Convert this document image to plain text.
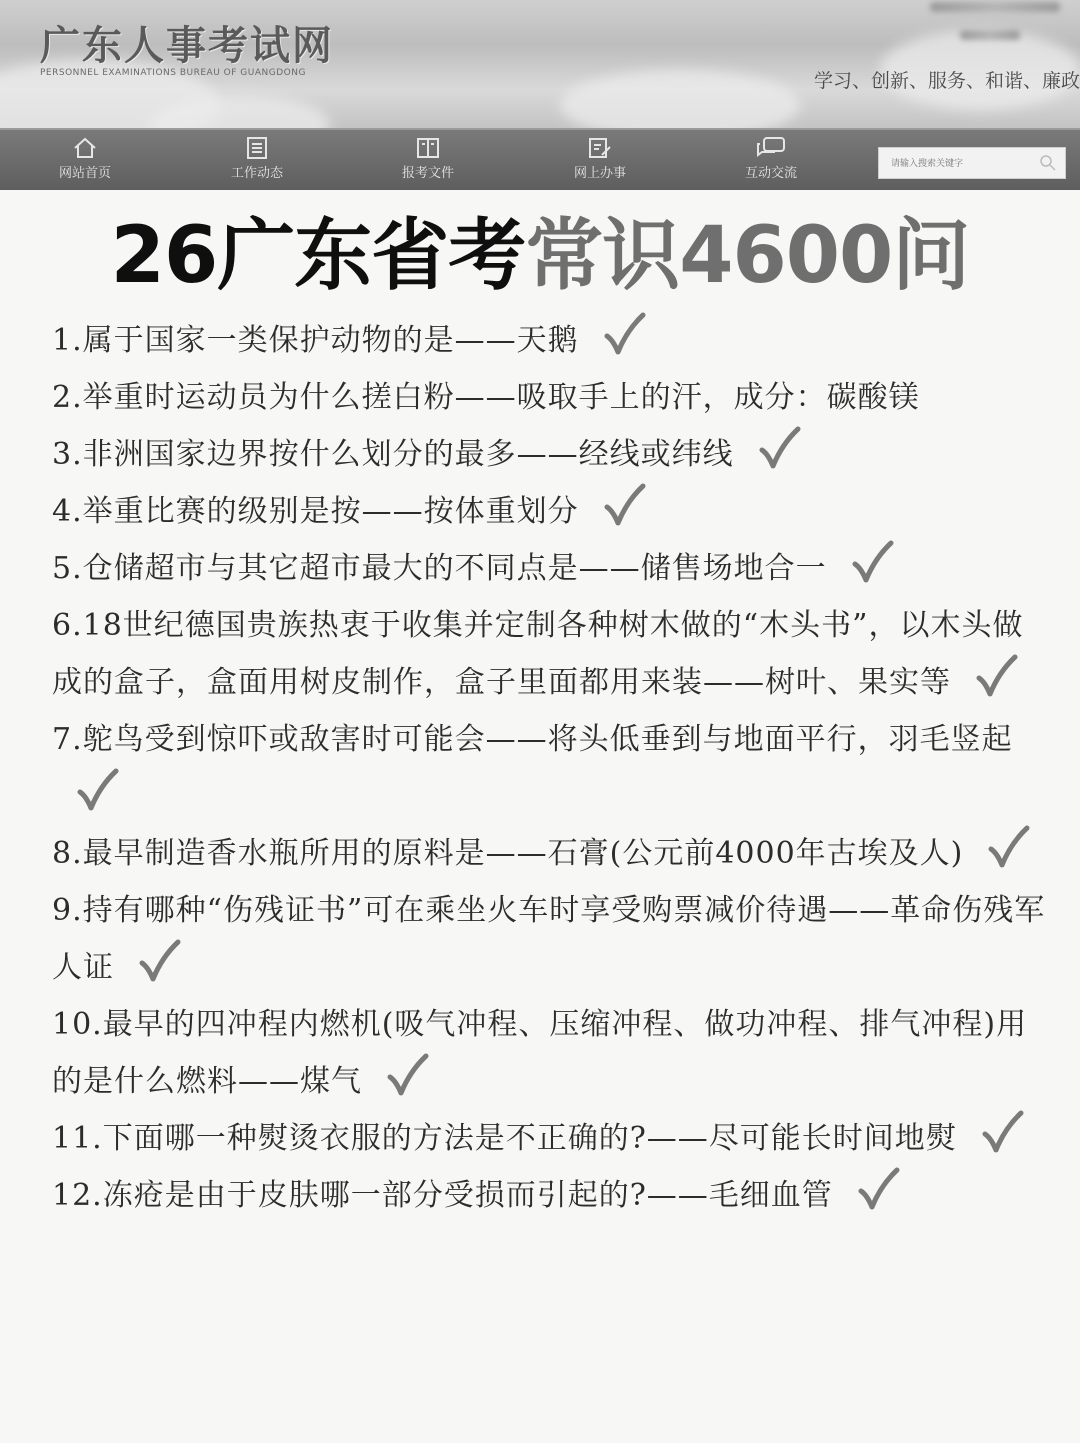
广东人事考试网
PERSONNEL EXAMINATIONS BUREAU OF GUANGDONG	学习、创新、服务、和谐、廉政
网站首页	工作动态	报考文件	网上办事	互动交流
请输入搜索关键字
26广东省考常识4600问

1.属于国家一类保护动物的是——天鹅

2.举重时运动员为什么搓白粉——吸取手上的汗，成分：碳酸镁

3.非洲国家边界按什么划分的最多——经线或纬线

4.举重比赛的级别是按——按体重划分

5.仓储超市与其它超市最大的不同点是——储售场地合一

6.18世纪德国贵族热衷于收集并定制各种树木做的“木头书”，以木头做成的盒子，盒面用树皮制作，盒子里面都用来装——树叶、果实等

7.鸵鸟受到惊吓或敌害时可能会——将头低垂到与地面平行，羽毛竖起

8.最早制造香水瓶所用的原料是——石膏(公元前4000年古埃及人)

9.持有哪种“伤残证书”可在乘坐火车时享受购票减价待遇——革命伤残军人证

10.最早的四冲程内燃机(吸气冲程、压缩冲程、做功冲程、排气冲程)用的是什么燃料——煤气

11.下面哪一种熨烫衣服的方法是不正确的?——尽可能长时间地熨

12.冻疮是由于皮肤哪一部分受损而引起的?——毛细血管
